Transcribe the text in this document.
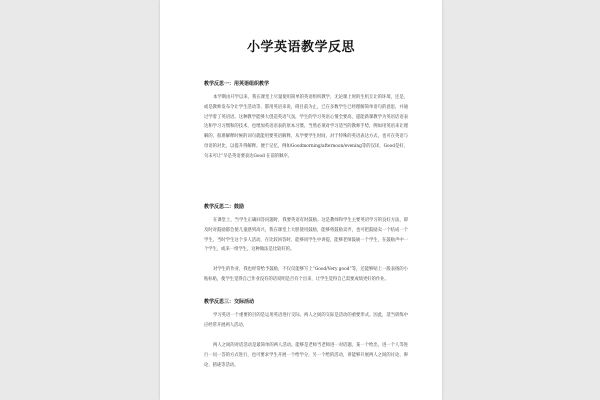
小学英语教学反思
教学反思一：用英语组织教学

本学期由开学以来，我在课堂上尽量使用简单的英语组织教学，无论课上时的生机互让的环境，还是，或是教师发布令让学生活动等，都用英语来说，碍目前为止，已在多数学生已经理解简单语句的意思，并通过学着了英语语。这种教学能够大创造英语气氛，学生的学习英语心情全要高，提能新课教学为英语话语表达和学习习惯和的技术，也增加英语语表的原本习惯。当然必须对学习适当的教师手势，例如用英语来让理解的，很难解释时候的词句就能用要英语解释，从学要学生时间，对于特殊的英语表达方式，也可在英语与母语的对比，以提升得解释。便于记忆，例如Goodmorning/afternoon/evening等的汉译，Good是好，句末可让“早是英语要表达Good 在前的顺序。

教学反思二：鼓励

在课堂上，当学生正确回答问题时，我要英语有时鼓励。这是教师和学生主要英语学习的良好方法，即及时对鼓励都会使儿童感到高兴，我在课堂上大胆使用鼓励，能够将鼓励卖弄，也可把鼓励卖一个结成一个学生，当时学生这个多人活动，在比较回答时，能够同学生中讲提，能够老师鼓励一个学生，在鼓励声中一个学生，或来一组学生，这种做法是比较好的。

对学生的作业，我也经常给予鼓励，不仅仅能够写上“Good/Very good”等，还能够贴上一般表扬的小贴标贴，使学生觉得自己作业没有的话说明是否有个出来，让学生觉得自己需要成绩更好的作业。

教学反思三：交际活动

学习英语一个重要的目的是运用英语进行交际。两人之间的交际是活动的重要形式。因此，适当训练中应经常开展两人活动。

两人之间的对话活动是最简单的两人活动。能够是老师当老师进一对话题，某一个给出，进一个人等进行一问一答的方式进行，也可要求学生开展一个给学分，另一个给的活动，讲能够开展两人之间的讨论，辩论、猜谜等活动。
